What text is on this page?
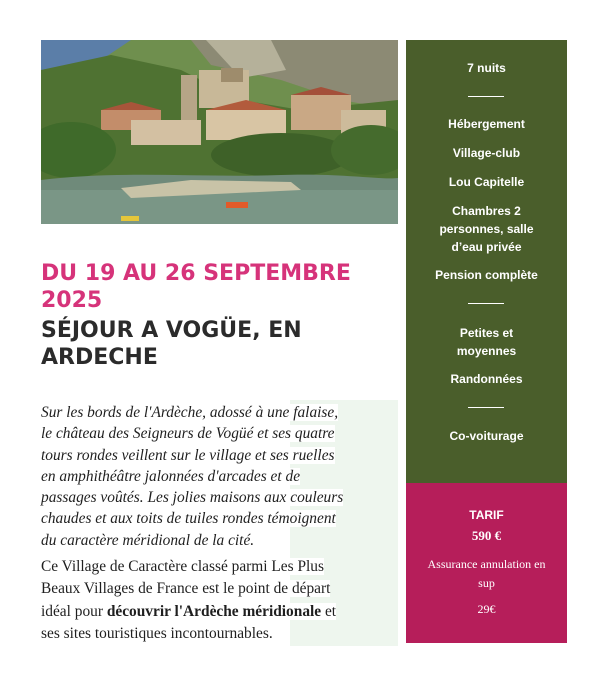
DU 19 AU 26 SEPTEMBRE 2025
SÉJOUR A VOGÜE, EN ARDECHE
Sur les bords de l'Ardèche, adossé à une falaise,
le château des Seigneurs de Vogüé et ses quatre
tours rondes veillent sur le village et ses ruelles
en amphithéâtre jalonnées d'arcades et de
passages voûtés. Les jolies maisons aux couleurs
chaudes et aux toits de tuiles rondes témoignent
du caractère méridional de la cité.
Ce Village de Caractère classé parmi Les Plus
Beaux Villages de France est le point de départ
idéal pour découvrir l'Ardèche méridionale et
ses sites touristiques incontournables.
7 nuits
Hébergement
Village-club
Lou Capitelle
Chambres 2 personnes, salle d’eau privée
Pension complète
Petites et moyennes
Randonnées
Co-voiturage
TARIF
590 €
Assurance annulation en sup
29€
